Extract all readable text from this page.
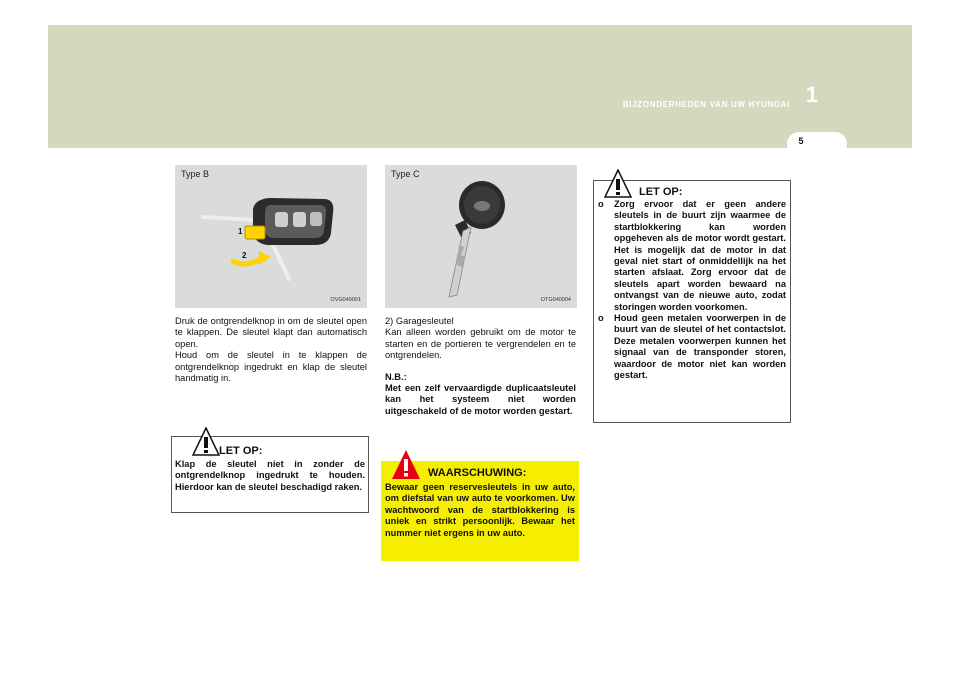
BIJZONDERHEDEN VAN UW HYUNDAI 1
5
Type B
1
2
OVG049001
Type C
OTG040004

Druk de ontgrendelknop in om de sleutel open te klappen. De sleutel klapt dan automatisch open.

Houd om de sleutel in te klappen de ontgrendelknop ingedrukt en klap de sleutel handmatig in.

LET OP:
Klap de sleutel niet in zonder de ontgrendelknop ingedrukt te houden. Hierdoor kan de sleutel beschadigd raken.

2) Garagesleutel

Kan alleen worden gebruikt om de motor te starten en de portieren te vergrendelen en te ontgrendelen.

N.B.:

Met een zelf vervaardigde duplicaatsleutel kan het systeem niet worden uitgeschakeld of de motor worden gestart.

WAARSCHUWING:
Bewaar geen reservesleutels in uw auto, om diefstal van uw auto te voorkomen. Uw wachtwoord van de startblokkering is uniek en strikt persoonlijk. Bewaar het nummer niet ergens in uw auto.
LET OP:
o Zorg ervoor dat er geen andere sleutels in de buurt zijn waarmee de startblokkering kan worden opgeheven als de motor wordt gestart. Het is mogelijk dat de motor in dat geval niet start of onmiddellijk na het starten afslaat. Zorg ervoor dat de sleutels apart worden bewaard na ontvangst van de nieuwe auto, zodat storingen worden voorkomen.
o Houd geen metalen voorwerpen in de buurt van de sleutel of het contactslot. Deze metalen voorwerpen kunnen het signaal van de transponder storen, waardoor de motor niet kan worden gestart.
